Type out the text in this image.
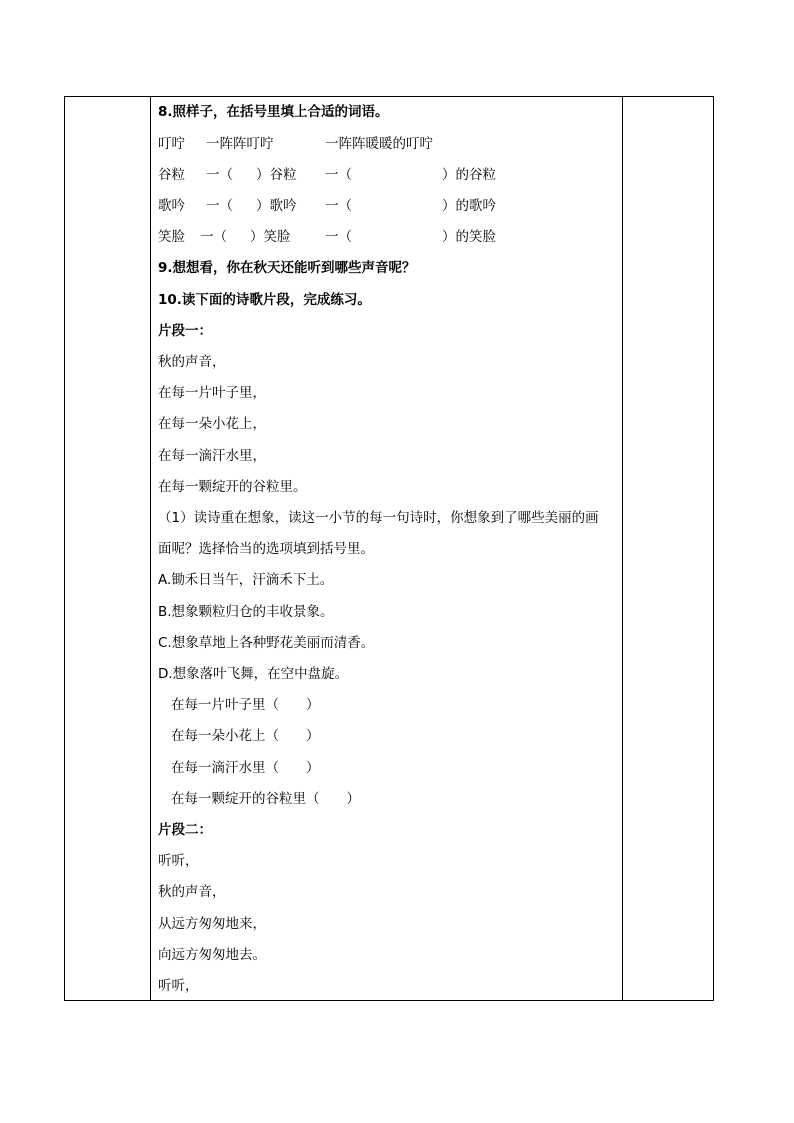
8.照样子，在括号里填上合适的词语。
叮咛 一阵阵叮咛	一阵阵暖暖的叮咛
谷粒 一（ ）谷粒 一（	）的谷粒
歌吟 一（ ）歌吟 一（	）的歌吟
笑脸 一（ ）笑脸	一（	）的笑脸
9.想想看，你在秋天还能听到哪些声音呢？
10.读下面的诗歌片段，完成练习。
片段一：
秋的声音，
在每一片叶子里，
在每一朵小花上，
在每一滴汗水里，
在每一颗绽开的谷粒里。
（1）读诗重在想象，读这一小节的每一句诗时，你想象到了哪些美丽的画
面呢？选择恰当的选项填到括号里。
A.锄禾日当午，汗滴禾下土。
B.想象颗粒归仓的丰收景象。
C.想象草地上各种野花美丽而清香。
D.想象落叶飞舞，在空中盘旋。
在每一片叶子里（　　）
在每一朵小花上（　　）
在每一滴汗水里（　　）
在每一颗绽开的谷粒里（　　）
片段二：
听听，
秋的声音，
从远方匆匆地来，
向远方匆匆地去。
听听，
